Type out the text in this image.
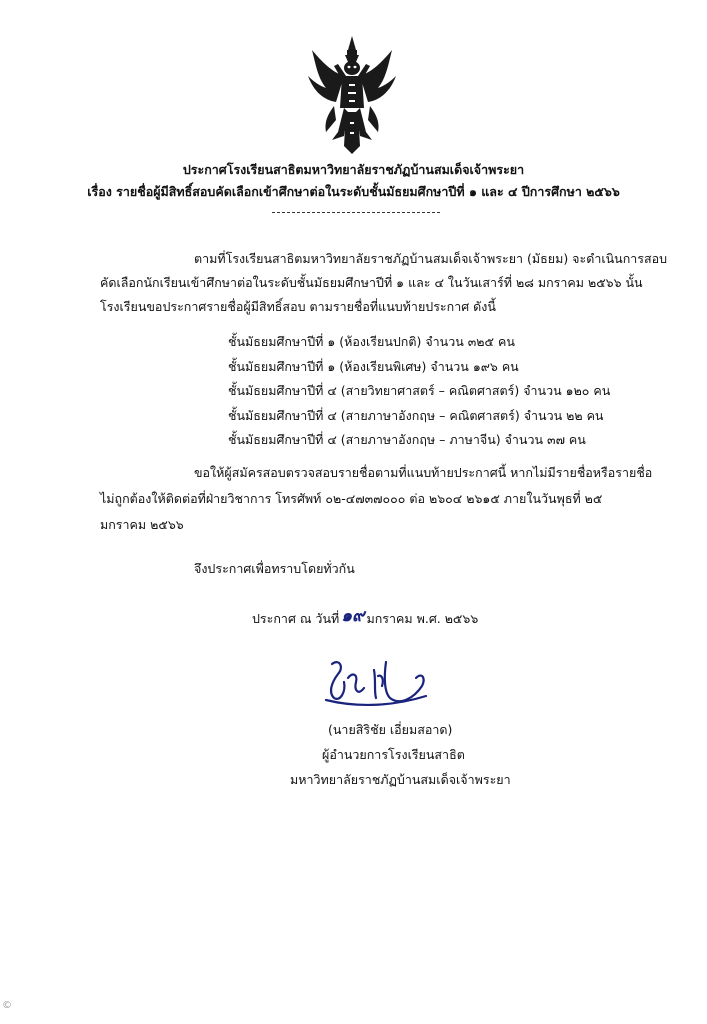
ประกาศโรงเรียนสาธิตมหาวิทยาลัยราชภัฏบ้านสมเด็จเจ้าพระยา
เรื่อง รายชื่อผู้มีสิทธิ์สอบคัดเลือกเข้าศึกษาต่อในระดับชั้นมัธยมศึกษาปีที่ ๑ และ ๔ ปีการศึกษา ๒๕๖๖
ตามที่โรงเรียนสาธิตมหาวิทยาลัยราชภัฏบ้านสมเด็จเจ้าพระยา (มัธยม) จะดำเนินการสอบ
คัดเลือกนักเรียนเข้าศึกษาต่อในระดับชั้นมัธยมศึกษาปีที่ ๑ และ ๔ ในวันเสาร์ที่ ๒๘ มกราคม ๒๕๖๖ นั้น
โรงเรียนขอประกาศรายชื่อผู้มีสิทธิ์สอบ ตามรายชื่อที่แนบท้ายประกาศ ดังนี้
ชั้นมัธยมศึกษาปีที่ ๑ (ห้องเรียนปกติ) จำนวน ๓๒๕ คน
ชั้นมัธยมศึกษาปีที่ ๑ (ห้องเรียนพิเศษ) จำนวน ๑๙๖ คน
ชั้นมัธยมศึกษาปีที่ ๔ (สายวิทยาศาสตร์ – คณิตศาสตร์) จำนวน ๑๒๐ คน
ชั้นมัธยมศึกษาปีที่ ๔ (สายภาษาอังกฤษ – คณิตศาสตร์) จำนวน ๒๒ คน
ชั้นมัธยมศึกษาปีที่ ๔ (สายภาษาอังกฤษ – ภาษาจีน) จำนวน ๓๗ คน
ขอให้ผู้สมัครสอบตรวจสอบรายชื่อตามที่แนบท้ายประกาศนี้ หากไม่มีรายชื่อหรือรายชื่อ
ไม่ถูกต้องให้ติดต่อที่ฝ่ายวิชาการ โทรศัพท์ ๐๒-๔๗๓๗๐๐๐ ต่อ ๒๖๐๔ ๒๖๑๕ ภายในวันพุธที่ ๒๕
มกราคม ๒๕๖๖
จึงประกาศเพื่อทราบโดยทั่วกัน
ประกาศ ณ วันที่ ๑๙ มกราคม พ.ศ. ๒๕๖๖
(นายสิริชัย เอี่ยมสอาด)
ผู้อำนวยการโรงเรียนสาธิต
มหาวิทยาลัยราชภัฏบ้านสมเด็จเจ้าพระยา
©
